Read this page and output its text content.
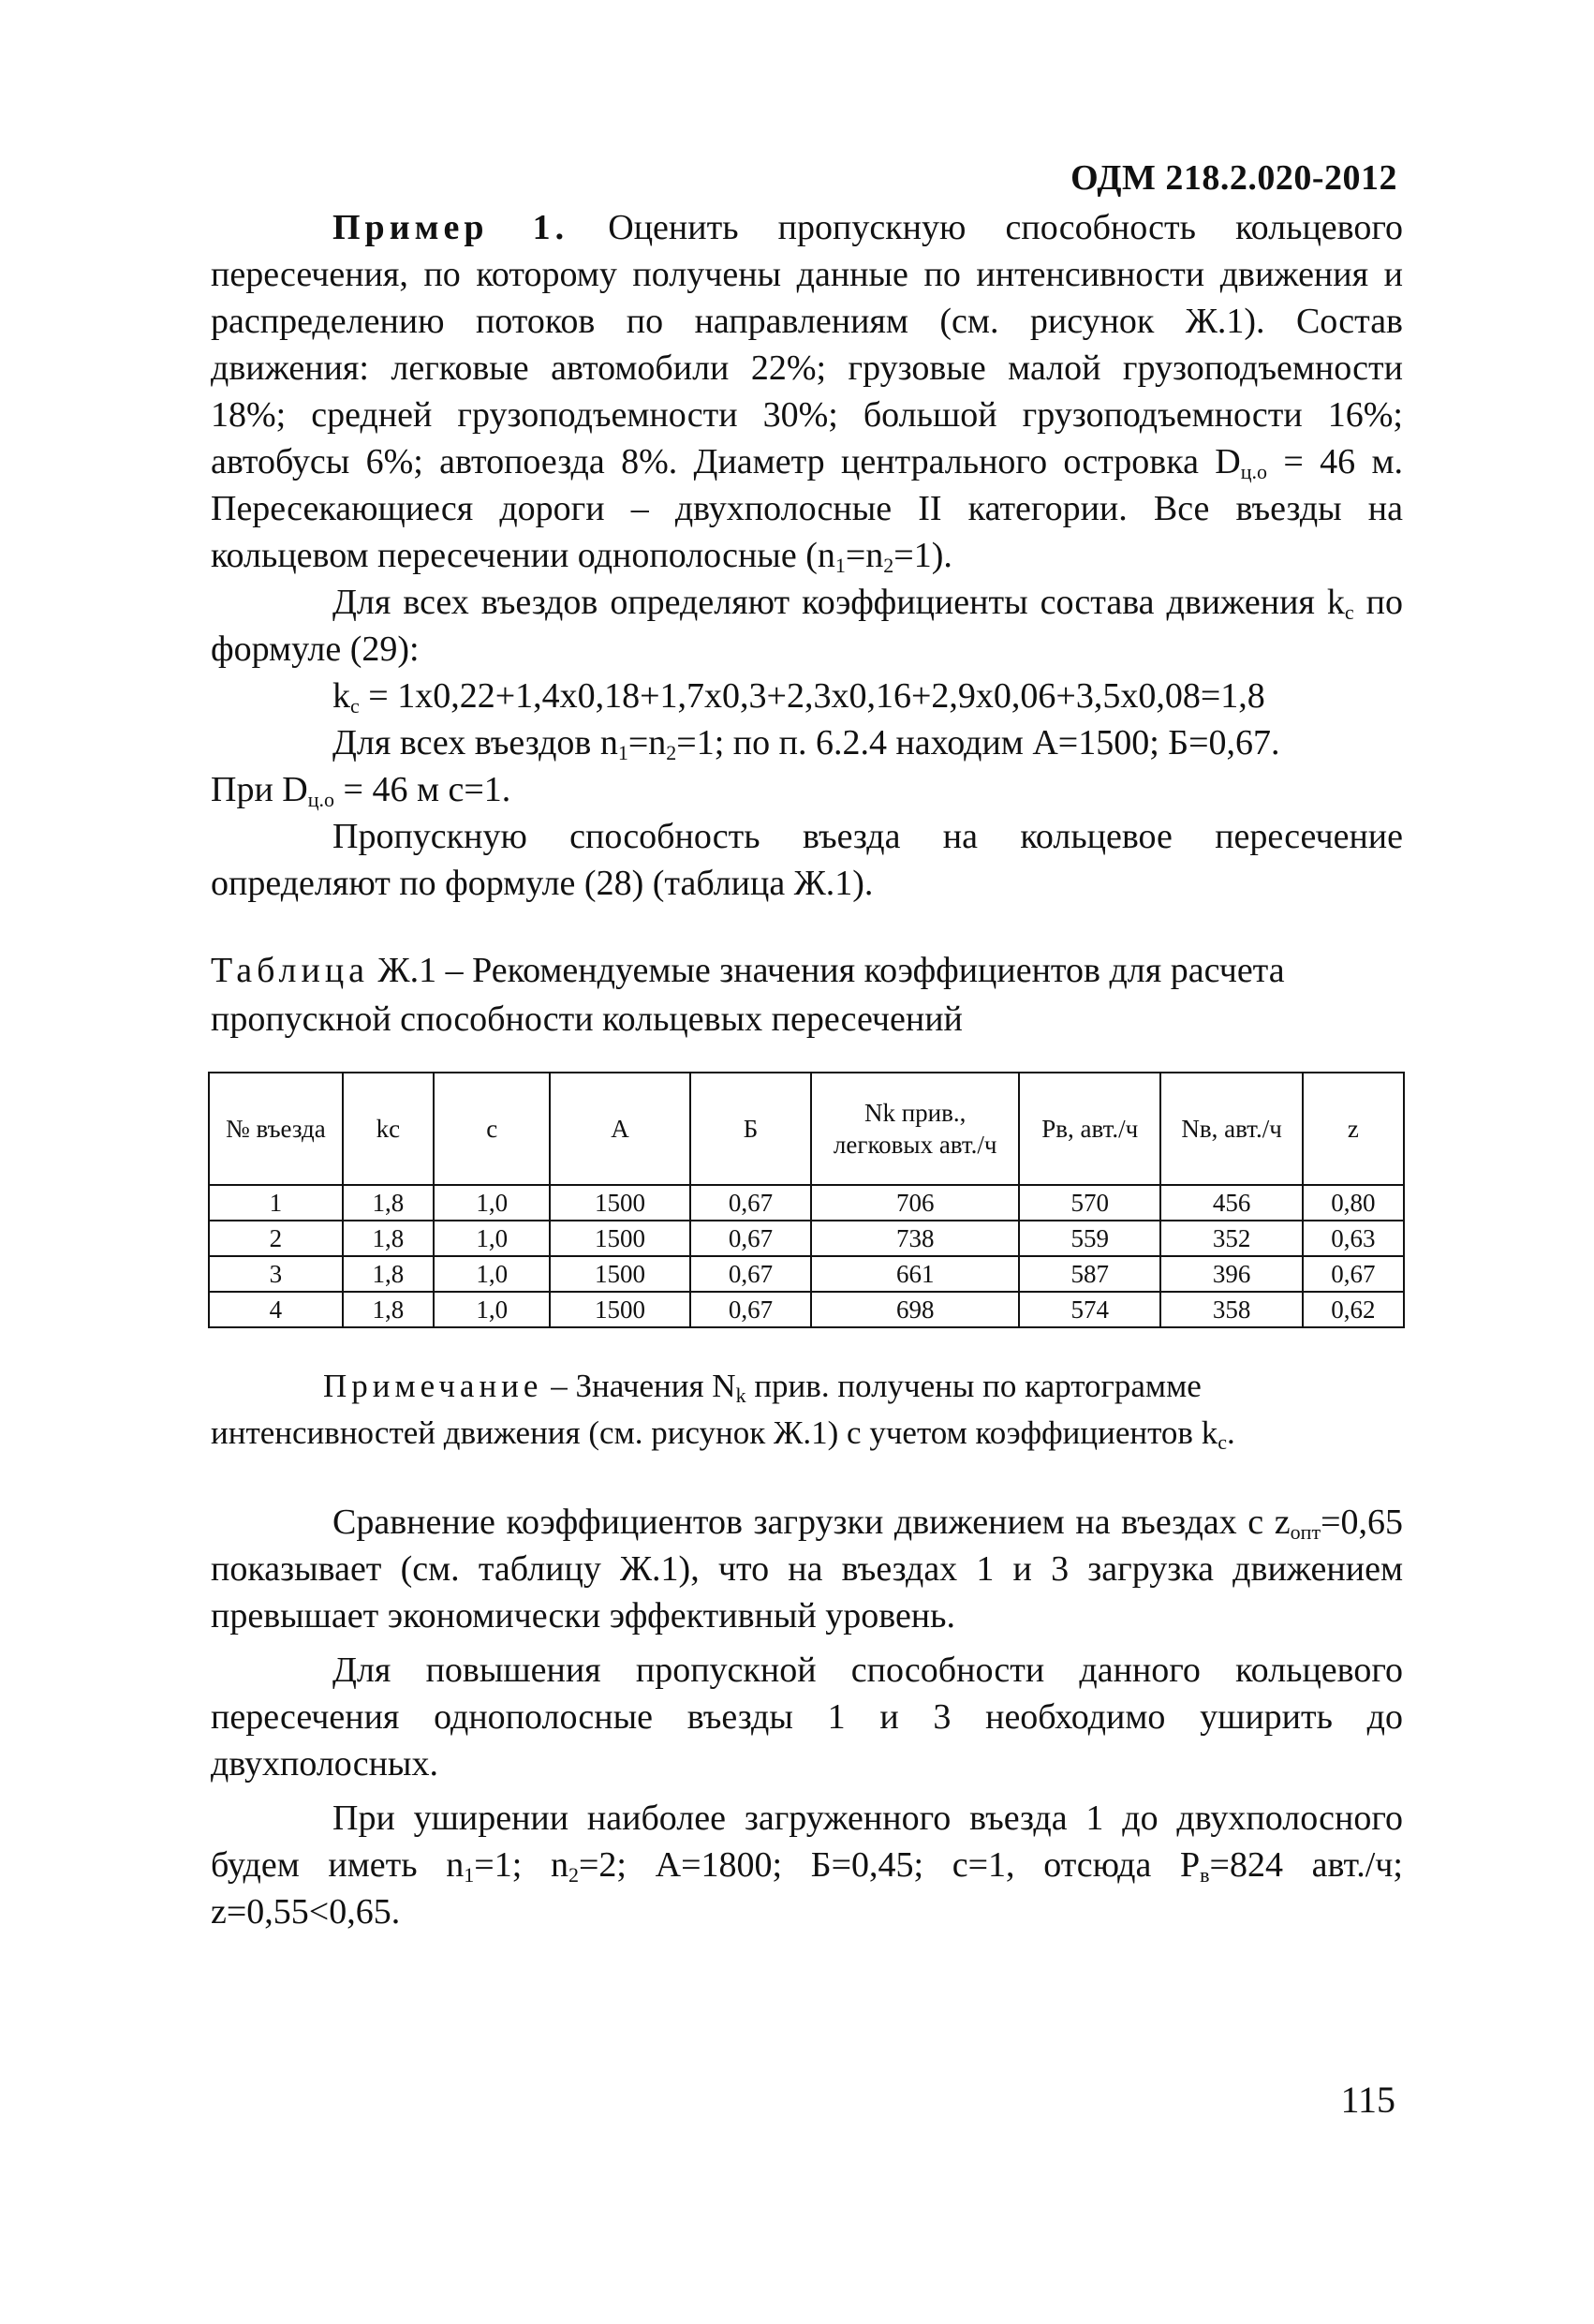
ОДМ 218.2.020-2012

Пример 1. Оценить пропускную способность кольцевого пересечения, по которому получены данные по интенсивности движения и распределению потоков по направлениям (см. рисунок Ж.1). Состав движения: легковые автомобили 22%; грузовые малой грузоподъемности 18%; средней грузоподъемности 30%; большой грузоподъемности 16%; автобусы 6%; автопоезда 8%. Диаметр центрального островка $D_{ц.о} = 46$ м. Пересекающиеся дороги – двухполосные II категории. Все въезды на кольцевом пересечении однополосные $(n_1=n_2=1)$.

Для всех въездов определяют коэффициенты состава движения $k_c$ по формуле (29):

$k_c = 1х0,22+1,4х0,18+1,7х0,3+2,3х0,16+2,9х0,06+3,5х0,08=1,8$

Для всех въездов $n_1=n_2=1$; по п. 6.2.4 находим А=1500; Б=0,67.

При $D_{ц.о} = 46$ м с=1.

Пропускную способность въезда на кольцевое пересечение определяют по формуле (28) (таблица Ж.1).

Таблица Ж.1 – Рекомендуемые значения коэффициентов для расчета пропускной способности кольцевых пересечений
№ въезда	kc	c	A	Б	Nk прив., легковых авт./ч	Pв, авт./ч	Nв, авт./ч	z
1	1,8	1,0	1500	0,67	706	570	456	0,80
2	1,8	1,0	1500	0,67	738	559	352	0,63
3	1,8	1,0	1500	0,67	661	587	396	0,67
4	1,8	1,0	1500	0,67	698	574	358	0,62

Примечание – Значения $N_k$ прив. получены по картограмме интенсивностей движения (см. рисунок Ж.1) с учетом коэффициентов $k_c$.

Сравнение коэффициентов загрузки движением на въездах с $z_{опт}=0,65$ показывает (см. таблицу Ж.1), что на въездах 1 и 3 загрузка движением превышает экономически эффективный уровень.

Для повышения пропускной способности данного кольцевого пересечения однополосные въезды 1 и 3 необходимо уширить до двухполосных.

При уширении наиболее загруженного въезда 1 до двухполосного будем иметь $n_1=1$; $n_2=2$; А=1800; Б=0,45; с=1, отсюда $P_в=824$ авт./ч; z=0,55<0,65.

115
